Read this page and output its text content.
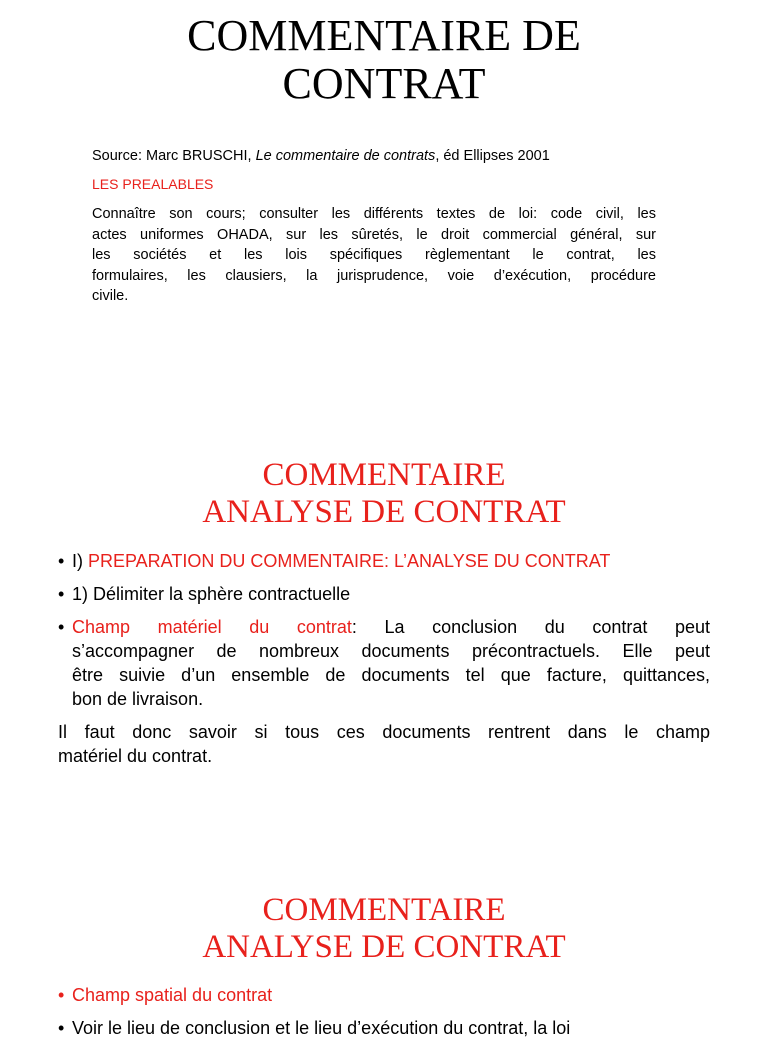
COMMENTAIRE DE
CONTRAT
Source: Marc BRUSCHI, Le commentaire de contrats, éd Ellipses 2001
LES PREALABLES
Connaître son cours; consulter les différents textes de loi: code civil, les
actes uniformes OHADA, sur les sûretés, le droit commercial général, sur
les sociétés et les lois spécifiques règlementant le contrat, les
formulaires, les clausiers, la jurisprudence, voie d’exécution, procédure
civile.
COMMENTAIRE
ANALYSE DE CONTRAT
•
I) PREPARATION DU COMMENTAIRE: L’ANALYSE DU CONTRAT
•
1) Délimiter la sphère contractuelle
•
Champ matériel du contrat: La conclusion du contrat peut
s’accompagner de nombreux documents précontractuels. Elle peut
être suivie d’un ensemble de documents tel que facture, quittances,
bon de livraison.
Il faut donc savoir si tous ces documents rentrent dans le champ
matériel du contrat.
COMMENTAIRE
ANALYSE DE CONTRAT
•
Champ spatial du contrat
•
Voir le lieu de conclusion et le lieu d’exécution du contrat, la loi
